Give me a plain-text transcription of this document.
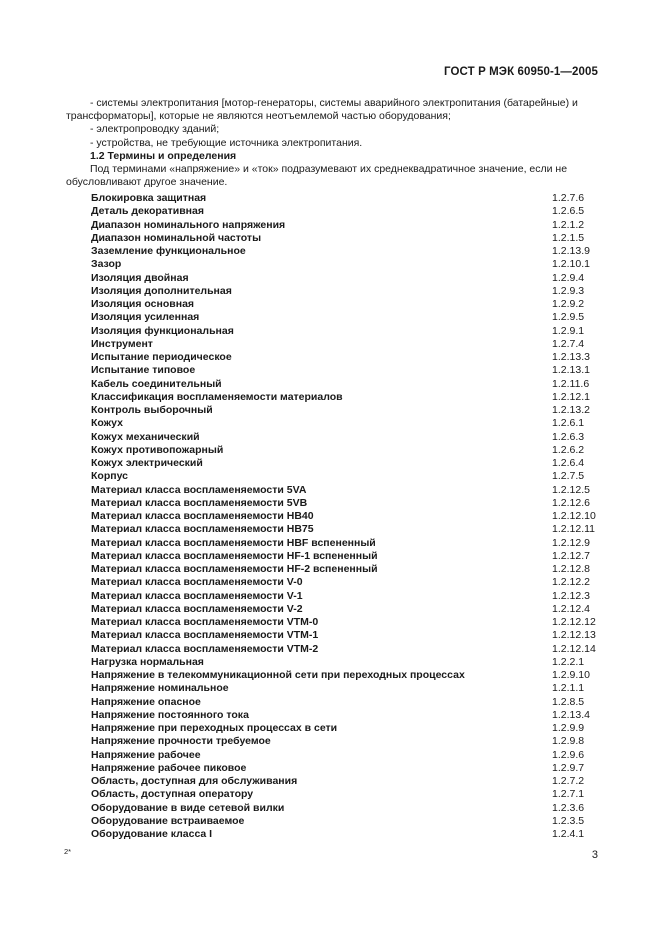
ГОСТ Р МЭК 60950-1—2005

- системы электропитания [мотор-генераторы, системы аварийного электропитания (батарейные) и

трансформаторы], которые не являются неотъемлемой частью оборудования;

- электропроводку зданий;

- устройства, не требующие источника электропитания.

1.2 Термины и определения

Под терминами «напряжение» и «ток» подразумевают их среднеквадратичное значение, если не

обусловливают другое значение.

Блокировка защитная	1.2.7.6
Деталь декоративная	1.2.6.5
Диапазон номинального напряжения	1.2.1.2
Диапазон номинальной частоты	1.2.1.5
Заземление функциональное	1.2.13.9
Зазор	1.2.10.1
Изоляция двойная	1.2.9.4
Изоляция дополнительная	1.2.9.3
Изоляция основная	1.2.9.2
Изоляция усиленная	1.2.9.5
Изоляция функциональная	1.2.9.1
Инструмент	1.2.7.4
Испытание периодическое	1.2.13.3
Испытание типовое	1.2.13.1
Кабель соединительный	1.2.11.6
Классификация воспламеняемости материалов	1.2.12.1
Контроль выборочный	1.2.13.2
Кожух	1.2.6.1
Кожух механический	1.2.6.3
Кожух противопожарный	1.2.6.2
Кожух электрический	1.2.6.4
Корпус	1.2.7.5
Материал класса воспламеняемости 5VA	1.2.12.5
Материал класса воспламеняемости 5VB	1.2.12.6
Материал класса воспламеняемости HB40	1.2.12.10
Материал класса воспламеняемости HB75	1.2.12.11
Материал класса воспламеняемости HBF вспененный	1.2.12.9
Материал класса воспламеняемости HF-1 вспененный	1.2.12.7
Материал класса воспламеняемости HF-2 вспененный	1.2.12.8
Материал класса воспламеняемости V-0	1.2.12.2
Материал класса воспламеняемости V-1	1.2.12.3
Материал класса воспламеняемости V-2	1.2.12.4
Материал класса воспламеняемости VTM-0	1.2.12.12
Материал класса воспламеняемости VTM-1	1.2.12.13
Материал класса воспламеняемости VTM-2	1.2.12.14
Нагрузка нормальная	1.2.2.1
Напряжение в телекоммуникационной сети при переходных процессах	1.2.9.10
Напряжение номинальное	1.2.1.1
Напряжение опасное	1.2.8.5
Напряжение постоянного тока	1.2.13.4
Напряжение при переходных процессах в сети	1.2.9.9
Напряжение прочности требуемое	1.2.9.8
Напряжение рабочее	1.2.9.6
Напряжение рабочее пиковое	1.2.9.7
Область, доступная для обслуживания	1.2.7.2
Область, доступная оператору	1.2.7.1
Оборудование в виде сетевой вилки	1.2.3.6
Оборудование встраиваемое	1.2.3.5
Оборудование класса I	1.2.4.1
2*	3
